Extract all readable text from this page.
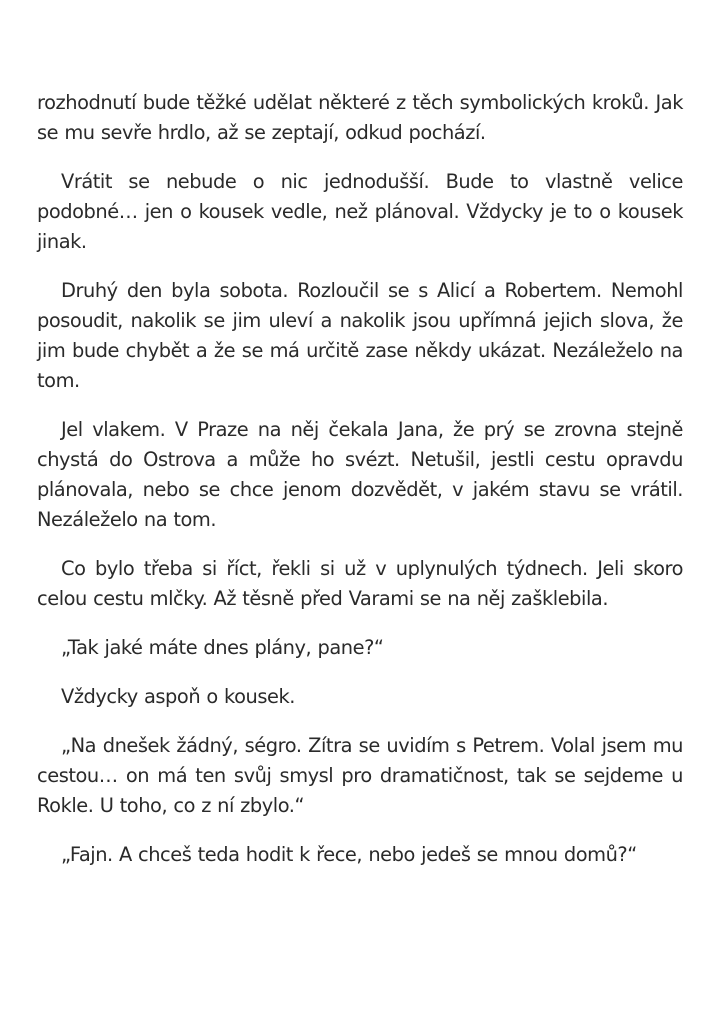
rozhodnutí bude těžké udělat některé z těch symbolických kroků. Jak se mu sevře hrdlo, až se zeptají, odkud pochází.

Vrátit se nebude o nic jednodušší. Bude to vlastně velice podobné… jen o kousek vedle, než plánoval. Vždycky je to o kousek jinak.

Druhý den byla sobota. Rozloučil se s Alicí a Robertem. Nemohl posoudit, nakolik se jim uleví a nakolik jsou upřímná jejich slova, že jim bude chybět a že se má určitě zase někdy ukázat. Nezáleželo na tom.

Jel vlakem. V Praze na něj čekala Jana, že prý se zrovna stejně chystá do Ostrova a může ho svézt. Netušil, jestli cestu opravdu plánovala, nebo se chce jenom dozvědět, v jakém stavu se vrátil. Nezáleželo na tom.

Co bylo třeba si říct, řekli si už v uplynulých týdnech. Jeli skoro celou cestu mlčky. Až těsně před Varami se na něj zašklebila.

„Tak jaké máte dnes plány, pane?“

Vždycky aspoň o kousek.

„Na dnešek žádný, ségro. Zítra se uvidím s Petrem. Volal jsem mu cestou… on má ten svůj smysl pro dramatičnost, tak se sejdeme u Rokle. U toho, co z ní zbylo.“

„Fajn. A chceš teda hodit k řece, nebo jedeš se mnou domů?“
